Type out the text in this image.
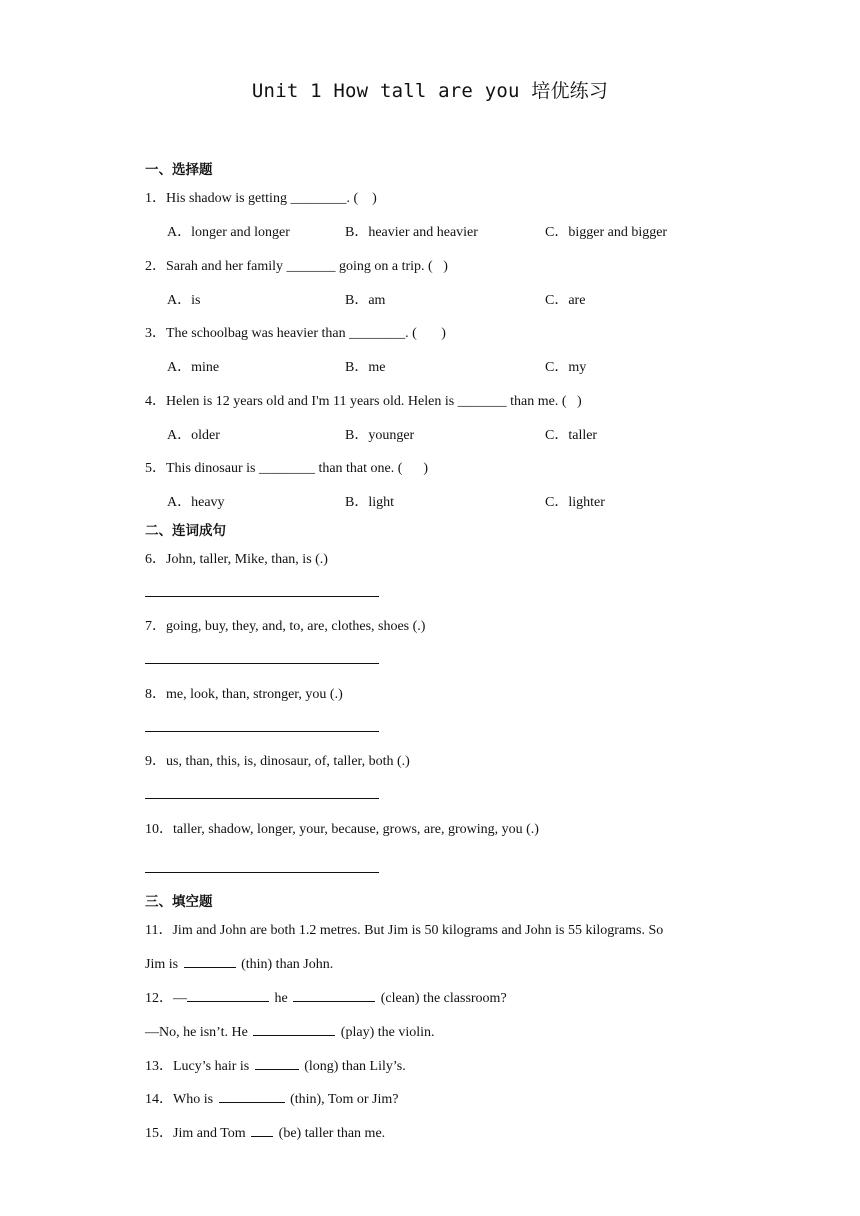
Unit 1 How tall are you 培优练习
一、选择题
1．His shadow is getting ________. (    )
A．longer and longer	B．heavier and heavier	C．bigger and bigger
2．Sarah and her family _______ going on a trip. (   )
A．is	B．am	C．are
3．The schoolbag was heavier than ________. (       )
A．mine	B．me	C．my
4．Helen is 12 years old and I'm 11 years old. Helen is _______ than me. (   )
A．older	B．younger	C．taller
5．This dinosaur is ________ than that one. (      )
A．heavy	B．light	C．lighter
二、连词成句
6．John, taller, Mike, than, is (.)
7．going, buy, they, and, to, are, clothes, shoes (.)
8．me, look, than, stronger, you (.)
9．us, than, this, is, dinosaur, of, taller, both (.)
10．taller, shadow, longer, your, because, grows, are, growing, you (.)
三、填空题
11．Jim and John are both 1.2 metres. But Jim is 50 kilograms and John is 55 kilograms. So
Jim is	(thin) than John.
12．—	he	(clean) the classroom?
—No, he isn’t. He	(play) the violin.
13．Lucy’s hair is	(long) than Lily’s.
14．Who is	(thin), Tom or Jim?
15．Jim and Tom (be) taller than me.
